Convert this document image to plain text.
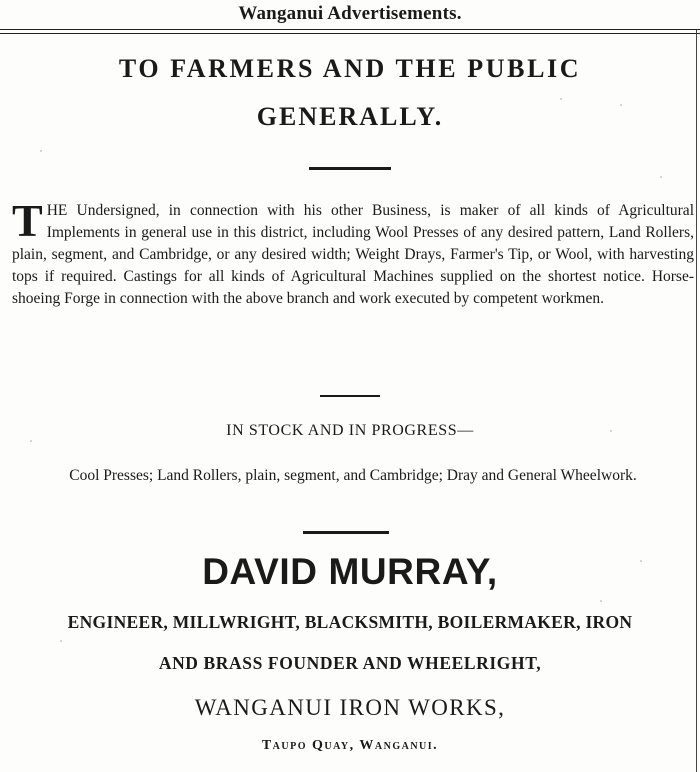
Wanganui Advertisements.
TO FARMERS AND THE PUBLIC
GENERALLY.

THE Undersigned, in connection with his other Business, is maker of all kinds of Agricultural Implements in general use in this district, including Wool Presses of any desired pattern, Land Rollers, plain, segment, and Cambridge, or any desired width; Weight Drays, Farmer's Tip, or Wool, with harvesting tops if required. Castings for all kinds of Agricultural Machines supplied on the shortest notice. Horse-shoeing Forge in connection with the above branch and work executed by competent workmen.

IN STOCK AND IN PROGRESS—

Cool Presses; Land Rollers, plain, segment, and Cambridge; Dray and General Wheelwork.

DAVID MURRAY,
ENGINEER, MILLWRIGHT, BLACKSMITH, BOILERMAKER, IRON
AND BRASS FOUNDER AND WHEELRIGHT,
WANGANUI IRON WORKS,
Taupo Quay, Wanganui.
